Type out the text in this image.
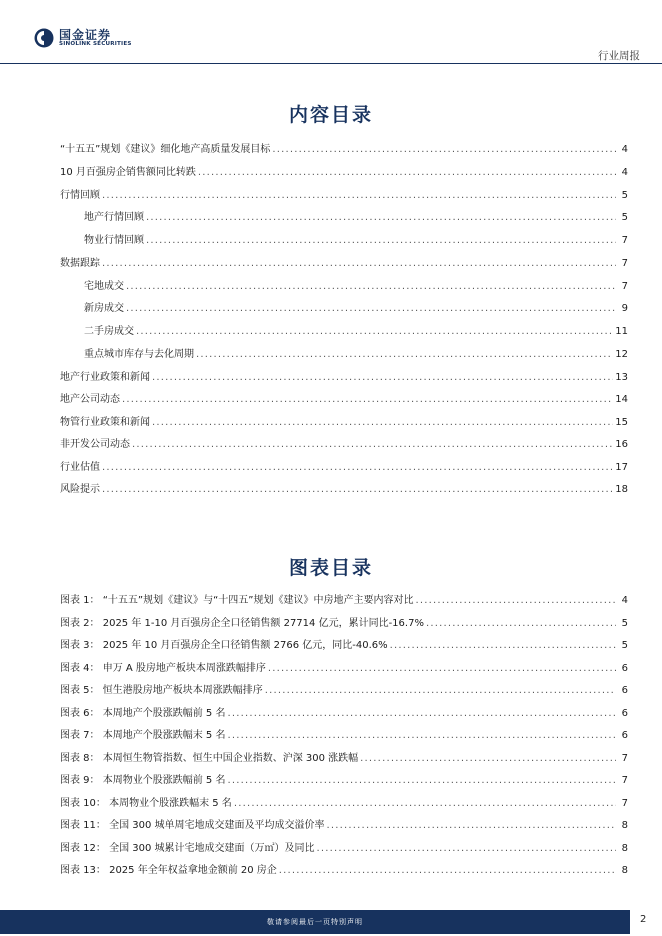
国金证券
SINOLINK SECURITIES
行业周报
内容目录
“十五五”规划《建议》细化地产高质量发展目标 .....	4
10 月百强房企销售额同比转跌 .....	4
行情回顾 .....	5
地产行情回顾 .....	5
物业行情回顾 .....	7
数据跟踪 .....	7
宅地成交 .....	7
新房成交 .....	9
二手房成交 .....	11
重点城市库存与去化周期 .....	12
地产行业政策和新闻 .....	13
地产公司动态 .....	14
物管行业政策和新闻 .....	15
非开发公司动态 .....	16
行业估值 .....	17
风险提示 .....	18
图表目录
图表 1： “十五五”规划《建议》与“十四五”规划《建议》中房地产主要内容对比 .....	4
图表 2： 2025 年 1-10 月百强房企全口径销售额 27714 亿元，累计同比-16.7% .....	5
图表 3： 2025 年 10 月百强房企全口径销售额 2766 亿元，同比-40.6% .....	5
图表 4： 申万 A 股房地产板块本周涨跌幅排序 .....	6
图表 5： 恒生港股房地产板块本周涨跌幅排序 .....	6
图表 6： 本周地产个股涨跌幅前 5 名 .....	6
图表 7： 本周地产个股涨跌幅末 5 名 .....	6
图表 8： 本周恒生物管指数、恒生中国企业指数、沪深 300 涨跌幅 .....	7
图表 9： 本周物业个股涨跌幅前 5 名 .....	7
图表 10： 本周物业个股涨跌幅末 5 名 .....	7
图表 11： 全国 300 城单周宅地成交建面及平均成交溢价率 .....	8
图表 12： 全国 300 城累计宅地成交建面（万㎡）及同比 .....	8
图表 13： 2025 年全年权益拿地金额前 20 房企 .....	8
敬请参阅最后一页特别声明	2
